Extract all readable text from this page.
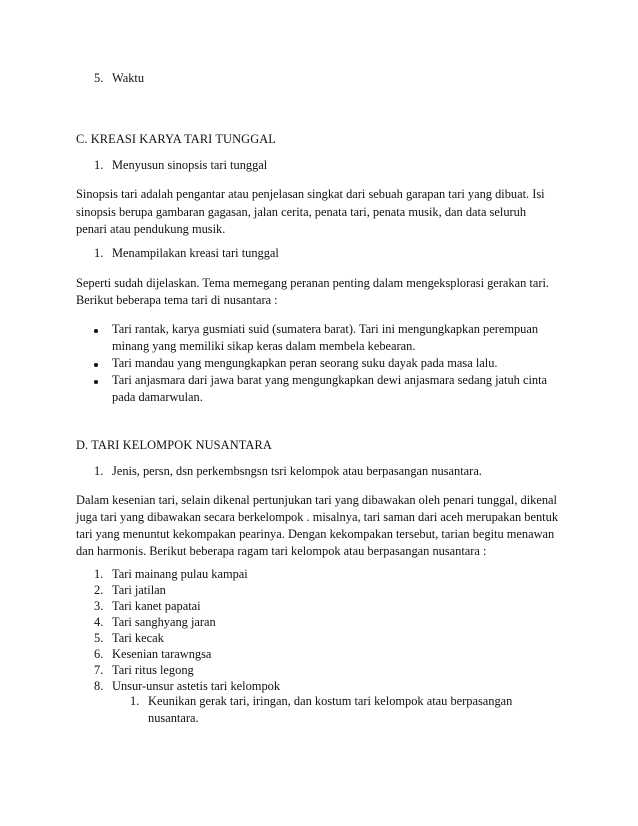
5. Waktu
C. KREASI KARYA TARI TUNGGAL
1. Menyusun sinopsis tari tunggal
Sinopsis tari adalah pengantar atau penjelasan singkat dari sebuah garapan tari yang dibuat. Isi
sinopsis berupa gambaran gagasan, jalan cerita, penata tari, penata musik, dan data seluruh
penari atau pendukung musik.
1. Menampilakan kreasi tari tunggal
Seperti sudah dijelaskan. Tema memegang peranan penting dalam mengeksplorasi gerakan tari.
Berikut beberapa tema tari di nusantara :
Tari rantak, karya gusmiati suid (sumatera barat). Tari ini mengungkapkan perempuan
minang yang memiliki sikap keras dalam membela kebearan.
Tari mandau yang mengungkapkan peran seorang suku dayak pada masa lalu.
Tari anjasmara dari jawa barat yang mengungkapkan dewi anjasmara sedang jatuh cinta
pada damarwulan.
D. TARI KELOMPOK NUSANTARA
1. Jenis, persn, dsn perkembsngsn tsri kelompok atau berpasangan nusantara.
Dalam kesenian tari, selain dikenal pertunjukan tari yang dibawakan oleh penari tunggal, dikenal
juga tari yang dibawakan secara berkelompok . misalnya, tari saman dari aceh merupakan bentuk
tari yang menuntut kekompakan pearinya. Dengan kekompakan tersebut, tarian begitu menawan
dan harmonis. Berikut beberapa ragam tari kelompok atau berpasangan nusantara :
1. Tari mainang pulau kampai
2. Tari jatilan
3. Tari kanet papatai
4. Tari sanghyang jaran
5. Tari kecak
6. Kesenian tarawngsa
7. Tari ritus legong
8. Unsur-unsur astetis tari kelompok
1. Keunikan gerak tari, iringan, dan kostum tari kelompok atau berpasangan
nusantara.
